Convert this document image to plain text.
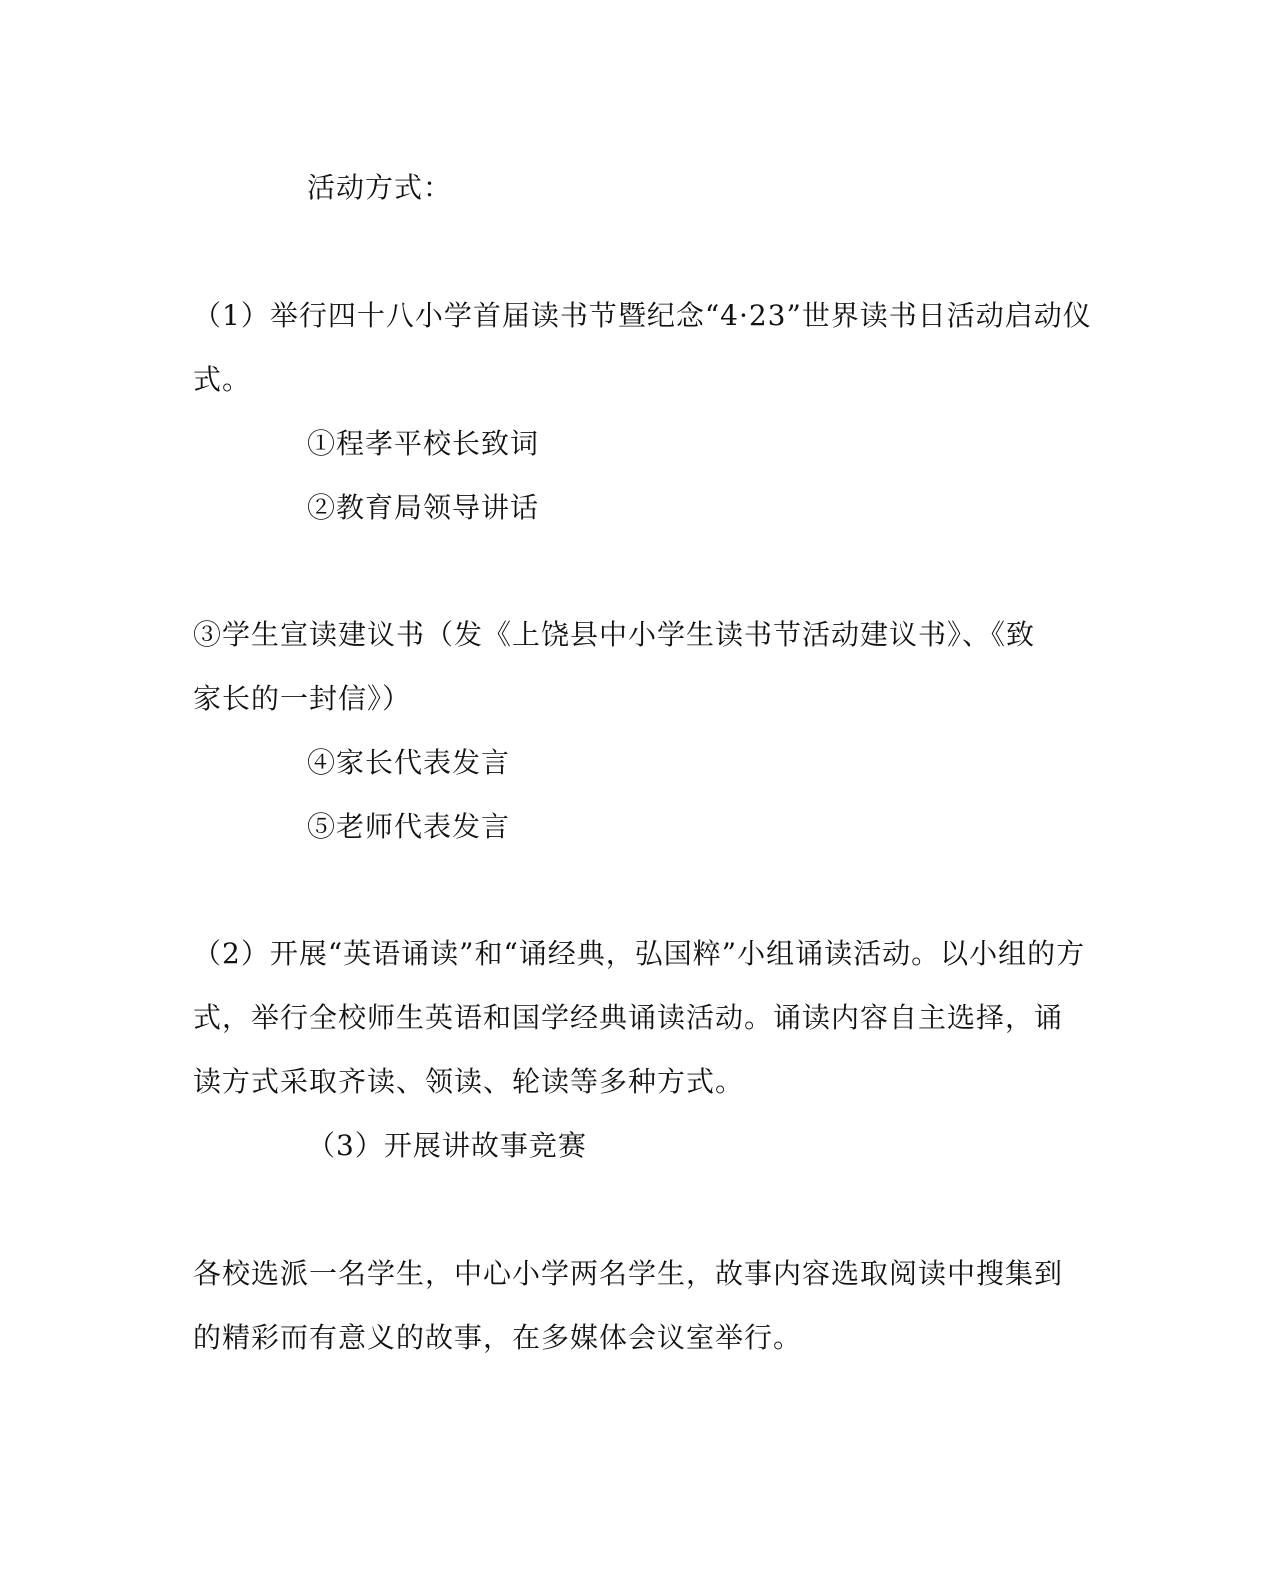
活动方式：
（1）举行四十八小学首届读书节暨纪念“4·23”世界读书日活动启动仪
式。
①程孝平校长致词
②教育局领导讲话
③学生宣读建议书（发《上饶县中小学生读书节活动建议书》、《致
家长的一封信》）
④家长代表发言
⑤老师代表发言
（2）开展“英语诵读”和“诵经典，弘国粹”小组诵读活动。以小组的方
式，举行全校师生英语和国学经典诵读活动。诵读内容自主选择，诵
读方式采取齐读、领读、轮读等多种方式。
（3）开展讲故事竞赛
各校选派一名学生，中心小学两名学生，故事内容选取阅读中搜集到
的精彩而有意义的故事，在多媒体会议室举行。
